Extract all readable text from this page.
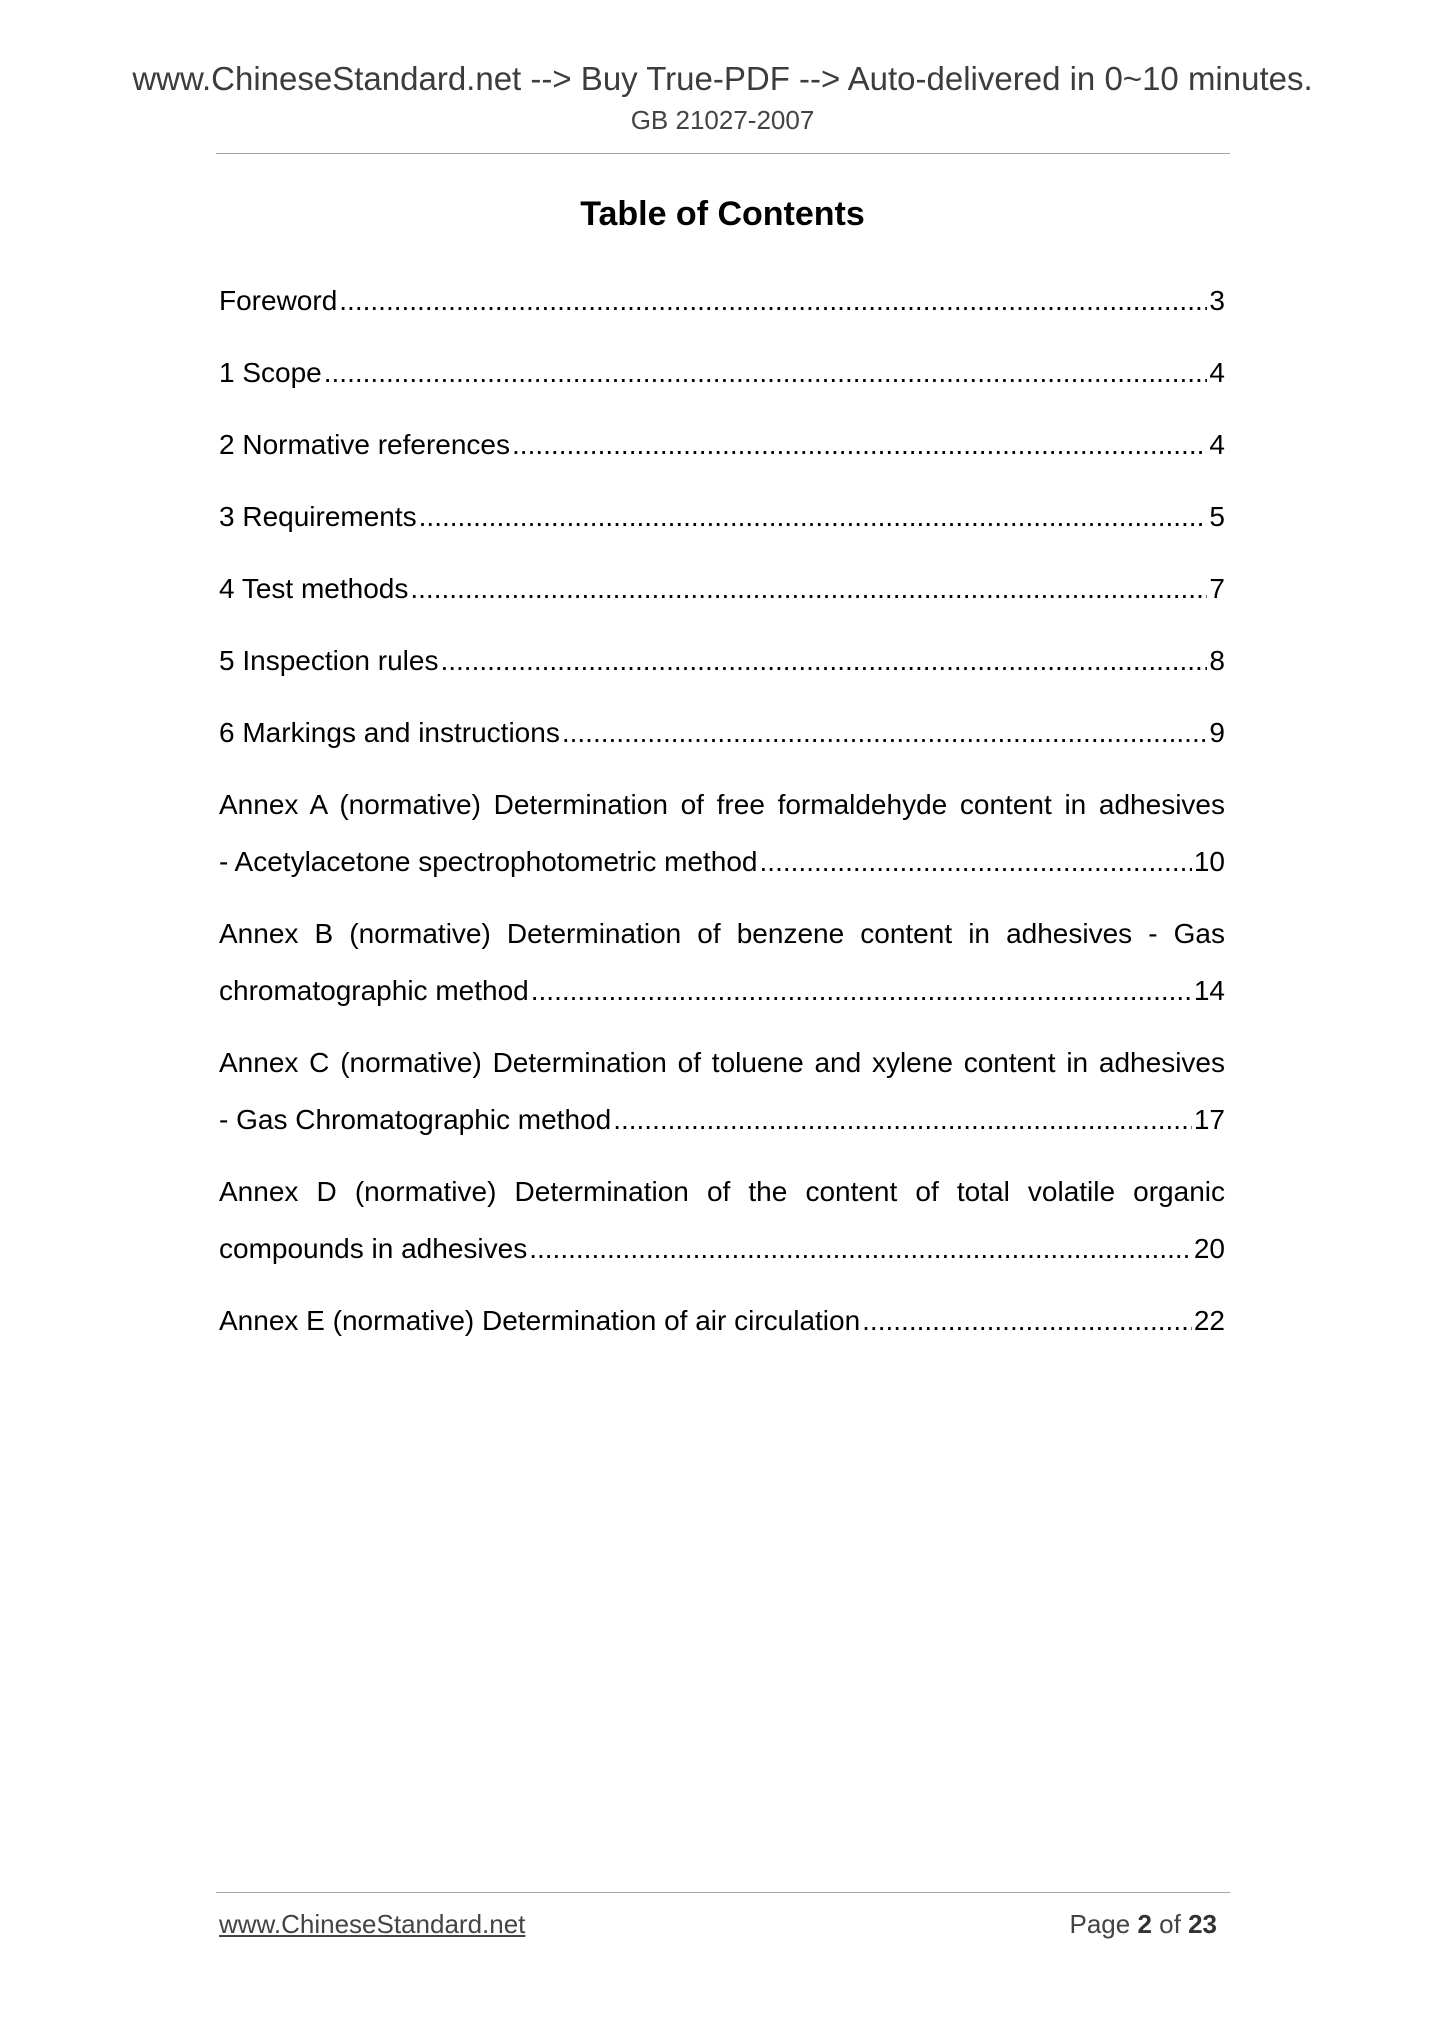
www.ChineseStandard.net --> Buy True-PDF --> Auto-delivered in 0~10 minutes.
GB 21027-2007
Table of Contents
Foreword .....	3
1 Scope .....	4
2 Normative references .....	4
3 Requirements .....	5
4 Test methods .....	7
5 Inspection rules .....	8
6 Markings and instructions .....	9
Annex A (normative) Determination of free formaldehyde content in adhesives
- Acetylacetone spectrophotometric method .....	10
Annex B (normative) Determination of benzene content in adhesives - Gas
chromatographic method .....	14
Annex C (normative) Determination of toluene and xylene content in adhesives
- Gas Chromatographic method .....	17
Annex D (normative) Determination of the content of total volatile organic
compounds in adhesives .....	20
Annex E (normative) Determination of air circulation .....	22
www.ChineseStandard.net	Page 2 of 23
